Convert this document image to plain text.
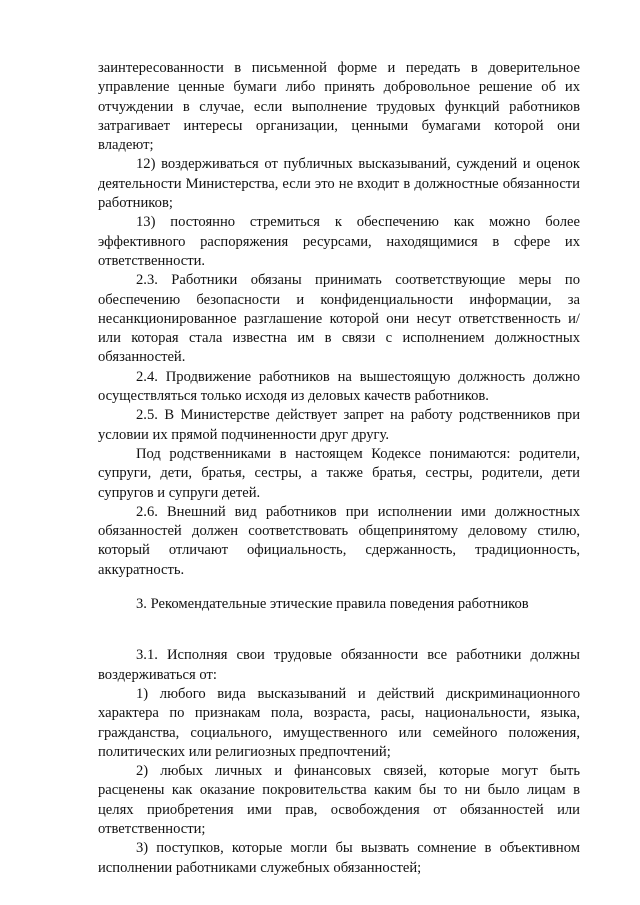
заинтересованности в письменной форме и передать в доверительное управление ценные бумаги либо принять добровольное решение об их отчуждении в случае, если выполнение трудовых функций работников затрагивает интересы организации, ценными бумагами которой они владеют;

12) воздерживаться от публичных высказываний, суждений и оценок деятельности Министерства, если это не входит в должностные обязанности работников;

13) постоянно стремиться к обеспечению как можно более эффективного распоряжения ресурсами, находящимися в сфере их ответственности.

2.3. Работники обязаны принимать соответствующие меры по обеспечению безопасности и конфиденциальности информации, за несанкционированное разглашение которой они несут ответственность и/или которая стала известна им в связи с исполнением должностных обязанностей.

2.4. Продвижение работников на вышестоящую должность должно осуществляться только исходя из деловых качеств работников.

2.5. В Министерстве действует запрет на работу родственников при условии их прямой подчиненности друг другу.

Под родственниками в настоящем Кодексе понимаются: родители, супруги, дети, братья, сестры, а также братья, сестры, родители, дети супругов и супруги детей.

2.6. Внешний вид работников при исполнении ими должностных обязанностей должен соответствовать общепринятому деловому стилю, который отличают официальность, сдержанность, традиционность, аккуратность.

3. Рекомендательные этические правила поведения работников

3.1. Исполняя свои трудовые обязанности все работники должны воздерживаться от:

1) любого вида высказываний и действий дискриминационного характера по признакам пола, возраста, расы, национальности, языка, гражданства, социального, имущественного или семейного положения, политических или религиозных предпочтений;

2) любых личных и финансовых связей, которые могут быть расценены как оказание покровительства каким бы то ни было лицам в целях приобретения ими прав, освобождения от обязанностей или ответственности;

3) поступков, которые могли бы вызвать сомнение в объективном исполнении работниками служебных обязанностей;
